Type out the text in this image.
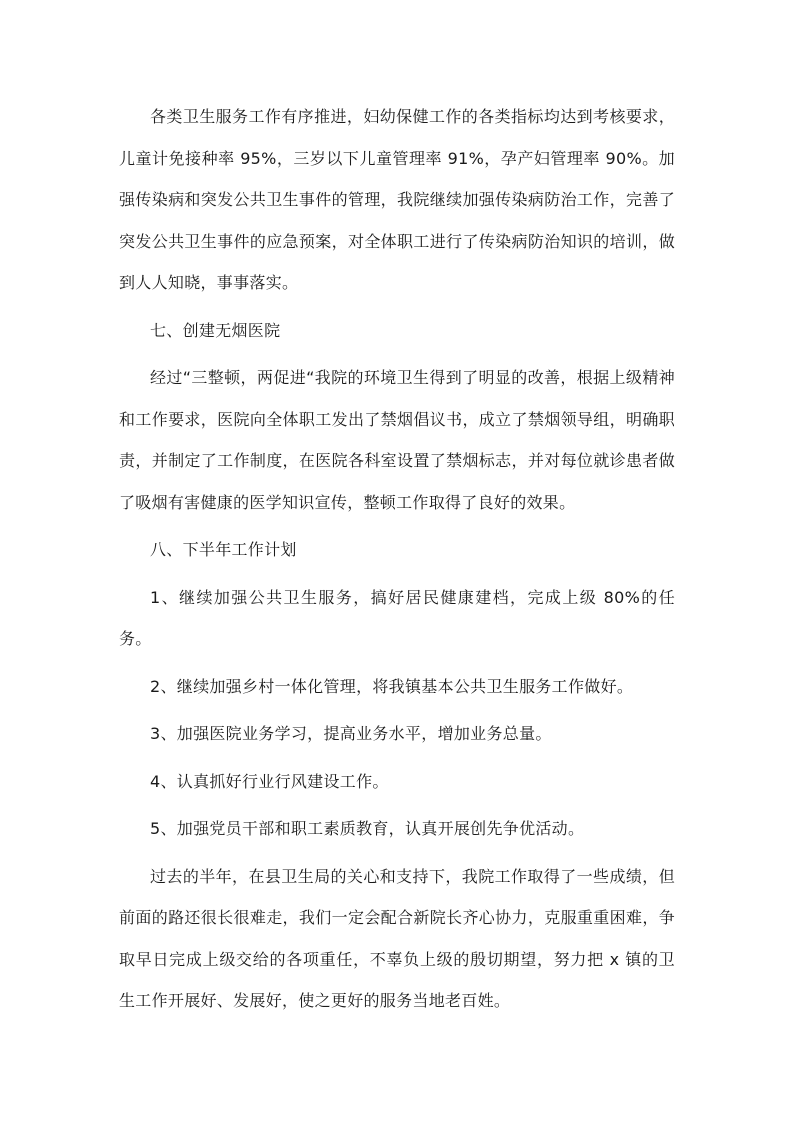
各类卫生服务工作有序推进，妇幼保健工作的各类指标均达到考核要求，儿童计免接种率 95%，三岁以下儿童管理率 91%，孕产妇管理率 90%。加强传染病和突发公共卫生事件的管理，我院继续加强传染病防治工作，完善了突发公共卫生事件的应急预案，对全体职工进行了传染病防治知识的培训，做到人人知晓，事事落实。

七、创建无烟医院

经过“三整顿，两促进“我院的环境卫生得到了明显的改善，根据上级精神和工作要求，医院向全体职工发出了禁烟倡议书，成立了禁烟领导组，明确职责，并制定了工作制度，在医院各科室设置了禁烟标志，并对每位就诊患者做了吸烟有害健康的医学知识宣传，整顿工作取得了良好的效果。

八、下半年工作计划

1、继续加强公共卫生服务，搞好居民健康建档，完成上级 80%的任务。

2、继续加强乡村一体化管理，将我镇基本公共卫生服务工作做好。

3、加强医院业务学习，提高业务水平，增加业务总量。

4、认真抓好行业行风建设工作。

5、加强党员干部和职工素质教育，认真开展创先争优活动。

过去的半年，在县卫生局的关心和支持下，我院工作取得了一些成绩，但前面的路还很长很难走，我们一定会配合新院长齐心协力，克服重重困难，争取早日完成上级交给的各项重任，不辜负上级的殷切期望，努力把 x 镇的卫生工作开展好、发展好，使之更好的服务当地老百姓。
